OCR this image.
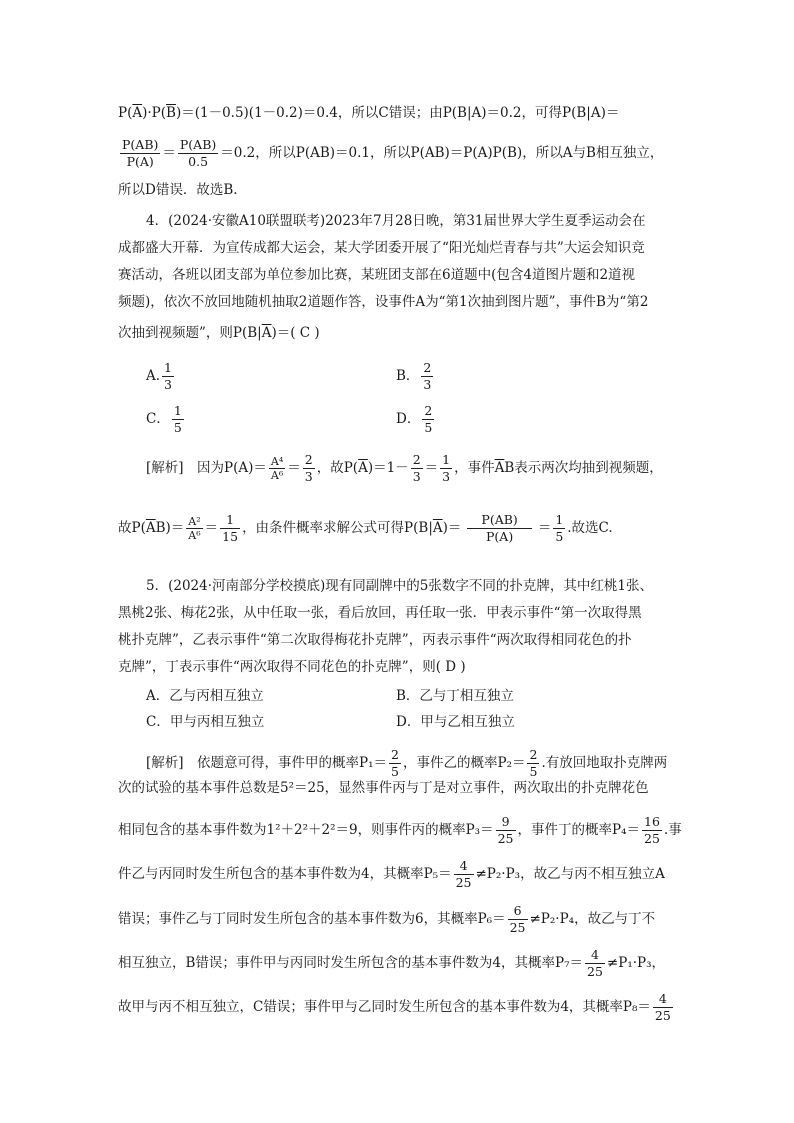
$P(\overline{A})\cdot P(\overline{B})=(1-0.5)(1-0.2)=0.4$，所以C错误；由P(B|A)＝0.2，可得P(B|A)＝
$\frac{P(AB)}{P(A)} = \frac{P(AB)}{0.5} =0.2$，所以P(AB)＝0.1，所以P(AB)＝P(A)P(B)，所以A与B相互独立，
所以D错误．故选B.
4．(2024·安徽A10联盟联考)2023年7月28日晚，第31届世界大学生夏季运动会在
成都盛大开幕．为宣传成都大运会，某大学团委开展了“阳光灿烂青春与共”大运会知识竞
赛活动，各班以团支部为单位参加比赛，某班团支部在6道题中(包含4道图片题和2道视
频题)，依次不放回地随机抽取2道题作答，设事件A为“第1次抽到图片题”，事件B为“第2
次抽到视频题”，则$P(B|\overline{A})=$( C )
A. $\frac{1}{3}$	B． $\frac{2}{3}$
C． $\frac{1}{5}$	D． $\frac{2}{5}$
[解析]　因为$P(A)= \frac{\text{A⁴}}{\text{A⁶}} = \frac{2}{3}$ ，故$P(\overline{A})=1- \frac{2}{3} = \frac{1}{3}$ ，事件$\overline{A}B$表示两次均抽到视频题，
故$P(\overline{A}B)= \frac{\text{A²}}{\text{A⁶}} = \frac{1}{15}$ ，由条件概率求解公式可得$P(B|\overline{A})= \frac{P(AB)}{P(A)} = \frac{1}{5}$ .故选C.
5．(2024·河南部分学校摸底)现有同副牌中的5张数字不同的扑克牌，其中红桃1张、
黑桃2张、梅花2张，从中任取一张，看后放回，再任取一张．甲表示事件“第一次取得黑
桃扑克牌”，乙表示事件“第二次取得梅花扑克牌”，丙表示事件“两次取得相同花色的扑
克牌”，丁表示事件“两次取得不同花色的扑克牌”，则( D )
A．乙与丙相互独立	B．乙与丁相互独立
C．甲与丙相互独立	D．甲与乙相互独立
[解析]　依题意可得，事件甲的概率$P_1= \frac{2}{5}$ ，事件乙的概率$P_2= \frac{2}{5}$ .有放回地取扑克牌两
次的试验的基本事件总数是5²＝25，显然事件丙与丁是对立事件，两次取出的扑克牌花色
相同包含的基本事件数为1²＋2²＋2²＝9，则事件丙的概率$P_3= \frac{9}{25}$ ，事件丁的概率$P_4= \frac{16}{25}$ .事
件乙与丙同时发生所包含的基本事件数为4，其概率$P_5= \frac{4}{25} \ne P_2\cdot P_3$，故乙与丙不相互独立A
错误；事件乙与丁同时发生所包含的基本事件数为6，其概率$P_6= \frac{6}{25} \ne P_2\cdot P_4$，故乙与丁不
相互独立，B错误；事件甲与丙同时发生所包含的基本事件数为4，其概率$P_7= \frac{4}{25} \ne P_1\cdot P_3$，
故甲与丙不相互独立，C错误；事件甲与乙同时发生所包含的基本事件数为4，其概率$P_8= \frac{4}{25}$
